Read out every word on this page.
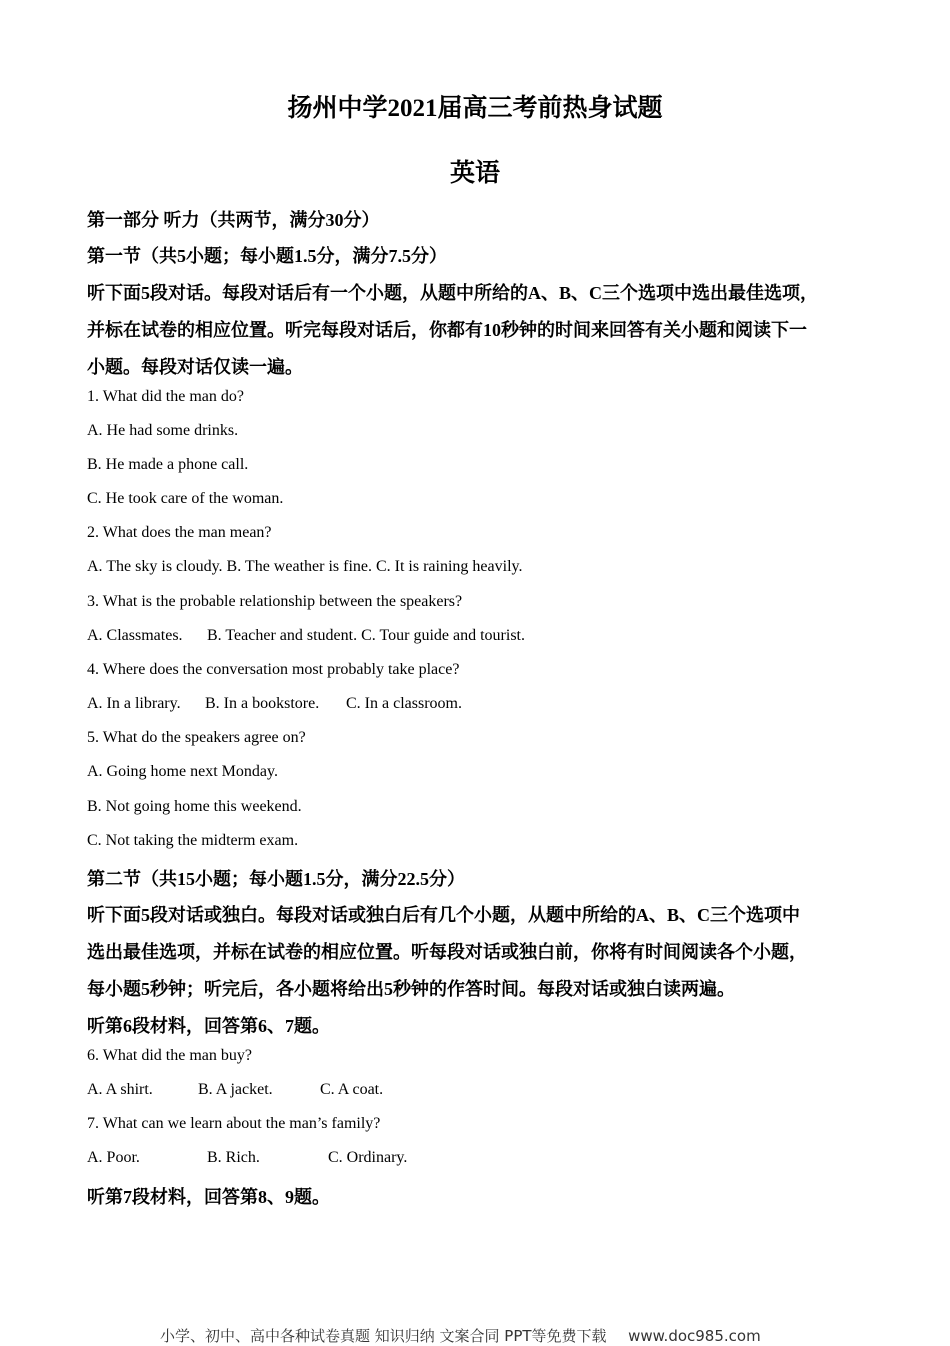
扬州中学2021届高三考前热身试题
英语
第一部分 听力（共两节，满分30分）
第一节（共5小题；每小题1.5分，满分7.5分）
听下面5段对话。每段对话后有一个小题，从题中所给的A、B、C三个选项中选出最佳选项，
并标在试卷的相应位置。听完每段对话后，你都有10秒钟的时间来回答有关小题和阅读下一
小题。每段对话仅读一遍。
1. What did the man do?
A. He had some drinks.
B. He made a phone call.
C. He took care of the woman.
2. What does the man mean?
A. The sky is cloudy. B. The weather is fine. C. It is raining heavily.
3. What is the probable relationship between the speakers?
A. Classmates. B. Teacher and student. C. Tour guide and tourist.
4. Where does the conversation most probably take place?
A. In a library. B. In a bookstore. C. In a classroom.
5. What do the speakers agree on?
A. Going home next Monday.
B. Not going home this weekend.
C. Not taking the midterm exam.
第二节（共15小题；每小题1.5分，满分22.5分）
听下面5段对话或独白。每段对话或独白后有几个小题，从题中所给的A、B、C三个选项中
选出最佳选项，并标在试卷的相应位置。听每段对话或独白前，你将有时间阅读各个小题，
每小题5秒钟；听完后，各小题将给出5秒钟的作答时间。每段对话或独白读两遍。
听第6段材料，回答第6、7题。
6. What did the man buy?
A. A shirt.	B. A jacket.	C. A coat.
7. What can we learn about the man’s family?
A. Poor.	B. Rich.	C. Ordinary.
听第7段材料，回答第8、9题。
小学、初中、高中各种试卷真题 知识归纳 文案合同 PPT等免费下载 www.doc985.com
